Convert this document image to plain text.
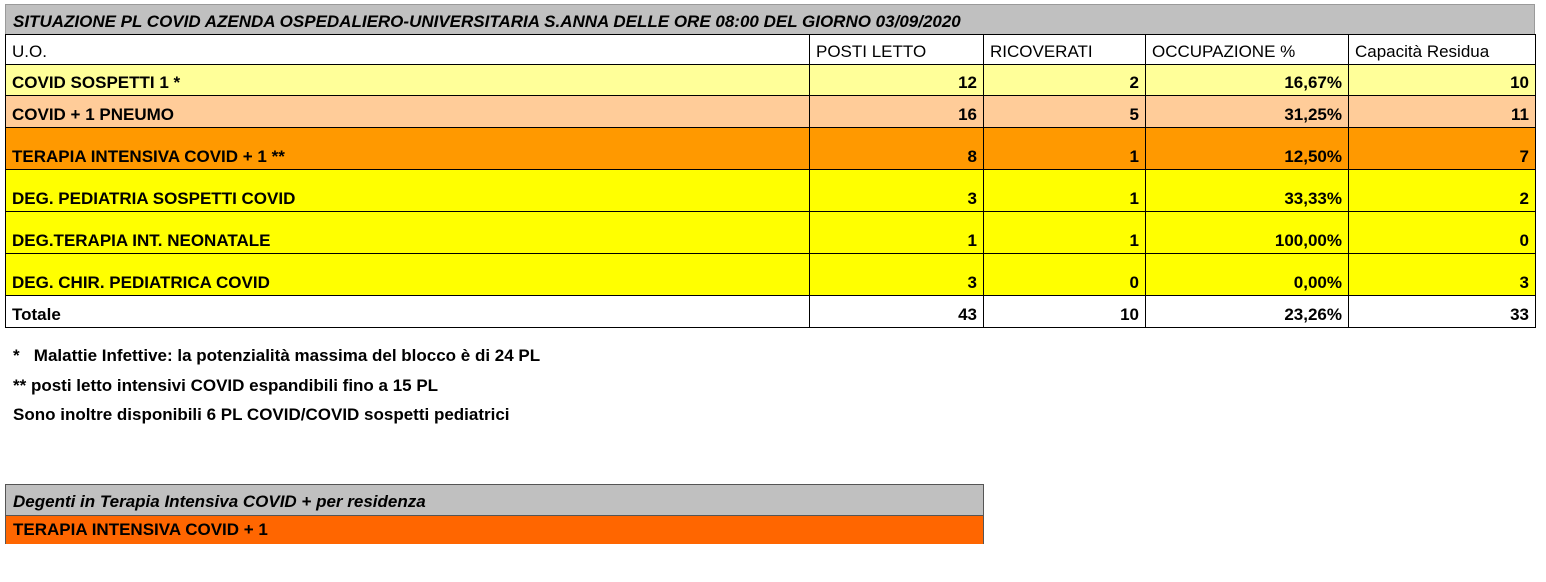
SITUAZIONE PL COVID AZENDA OSPEDALIERO-UNIVERSITARIA S.ANNA DELLE ORE 08:00 DEL GIORNO 03/09/2020
U.O.	POSTI LETTO	RICOVERATI	OCCUPAZIONE %	Capacità Residua
COVID SOSPETTI 1 *	12	2	16,67%	10
COVID + 1 PNEUMO	16	5	31,25%	11
TERAPIA INTENSIVA COVID + 1 **	8	1	12,50%	7
DEG. PEDIATRIA SOSPETTI COVID	3	1	33,33%	2
DEG.TERAPIA INT. NEONATALE	1	1	100,00%	0
DEG. CHIR. PEDIATRICA COVID	3	0	0,00%	3
Totale	43	10	23,26%	33
*   Malattie Infettive: la potenzialità massima del blocco è di 24 PL
** posti letto intensivi COVID espandibili fino a 15 PL
Sono inoltre disponibili 6 PL COVID/COVID sospetti pediatrici
Degenti in Terapia Intensiva COVID + per residenza
TERAPIA INTENSIVA COVID + 1
